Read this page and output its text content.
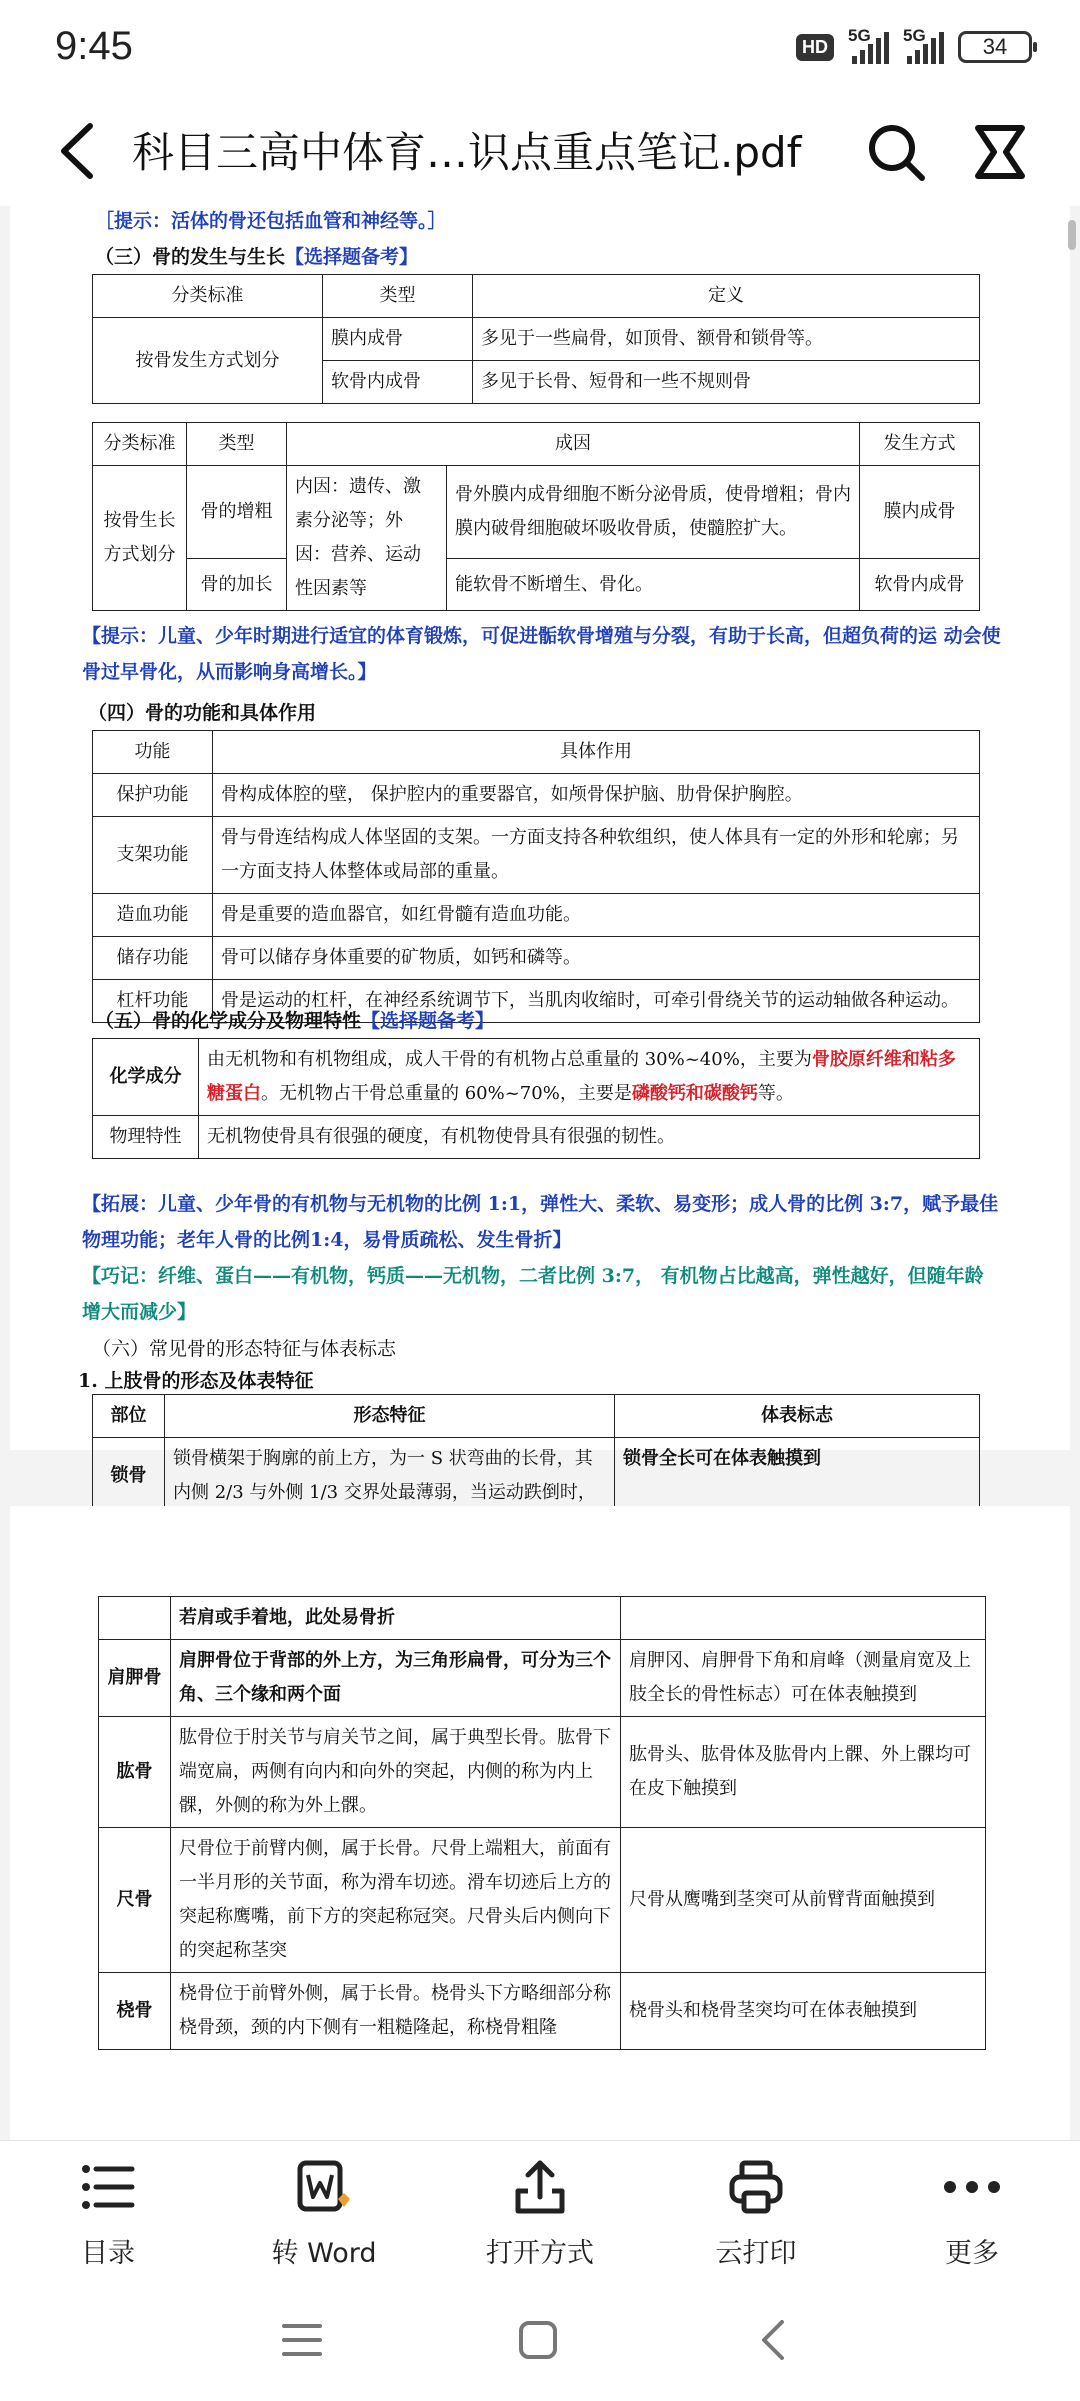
9:45	HD
5G 5G	34
科目三高中体育…识点重点笔记.pdf
［提示：活体的骨还包括血管和神经等。］
（三）骨的发生与生长【选择题备考】
分类标准	类型	定义
按骨发生方式划分	膜内成骨	多见于一些扁骨，如顶骨、额骨和锁骨等。
	软骨内成骨	多见于长骨、短骨和一些不规则骨
分类标准	类型	成因		发生方式
按骨生长方式划分	骨的增粗	内因：遗传、激素分泌等；外因：营养、运动性因素等	骨外膜内成骨细胞不断分泌骨质，使骨增粗；骨内膜内破骨细胞破坏吸收骨质，使髓腔扩大。	膜内成骨
	骨的加长		能软骨不断增生、骨化。	软骨内成骨
【提示：儿童、少年时期进行适宜的体育锻炼，可促进骺软骨增殖与分裂，有助于长高，但超负荷的运 动会使骨过早骨化，从而影响身高增长。】
（四）骨的功能和具体作用
功能	具体作用
保护功能	骨构成体腔的壁， 保护腔内的重要器官，如颅骨保护脑、肋骨保护胸腔。
支架功能	骨与骨连结构成人体坚固的支架。一方面支持各种软组织，使人体具有一定的外形和轮廓；另一方面支持人体整体或局部的重量。
造血功能	骨是重要的造血器官，如红骨髓有造血功能。
储存功能	骨可以储存身体重要的矿物质，如钙和磷等。
杠杆功能	骨是运动的杠杆，在神经系统调节下，当肌肉收缩时，可牵引骨绕关节的运动轴做各种运动。
（五）骨的化学成分及物理特性【选择题备考】
化学成分	由无机物和有机物组成，成人干骨的有机物占总重量的 30%~40%，主要为骨胶原纤维和粘多糖蛋白。无机物占干骨总重量的 60%~70%，主要是磷酸钙和碳酸钙等。
物理特性	无机物使骨具有很强的硬度，有机物使骨具有很强的韧性。
【拓展：儿童、少年骨的有机物与无机物的比例 1:1，弹性大、柔软、易变形；成人骨的比例 3:7，赋予最佳物理功能；老年人骨的比例1:4，易骨质疏松、发生骨折】
【巧记：纤维、蛋白——有机物，钙质——无机物，二者比例 3:7， 有机物占比越高，弹性越好，但随年龄增大而减少】
（六）常见骨的形态特征与体表标志
1. 上肢骨的形态及体表特征
部位	形态特征	体表标志
锁骨	锁骨横架于胸廓的前上方，为一 S 状弯曲的长骨，其内侧 2/3 与外侧 1/3 交界处最薄弱，当运动跌倒时，	锁骨全长可在体表触摸到
	若肩或手着地，此处易骨折	
肩胛骨	肩胛骨位于背部的外上方，为三角形扁骨，可分为三个角、三个缘和两个面	肩胛冈、肩胛骨下角和肩峰（测量肩宽及上肢全长的骨性标志）可在体表触摸到
肱骨	肱骨位于肘关节与肩关节之间，属于典型长骨。肱骨下端宽扁，两侧有向内和向外的突起，内侧的称为内上髁，外侧的称为外上髁。	肱骨头、肱骨体及肱骨内上髁、外上髁均可在皮下触摸到
尺骨	尺骨位于前臂内侧，属于长骨。尺骨上端粗大，前面有一半月形的关节面，称为滑车切迹。滑车切迹后上方的突起称鹰嘴，前下方的突起称冠突。尺骨头后内侧向下的突起称茎突	尺骨从鹰嘴到茎突可从前臂背面触摸到
桡骨	桡骨位于前臂外侧，属于长骨。桡骨头下方略细部分称桡骨颈，颈的内下侧有一粗糙隆起，称桡骨粗隆	桡骨头和桡骨茎突均可在体表触摸到

目录	转 Word	打开方式	云打印	更多
